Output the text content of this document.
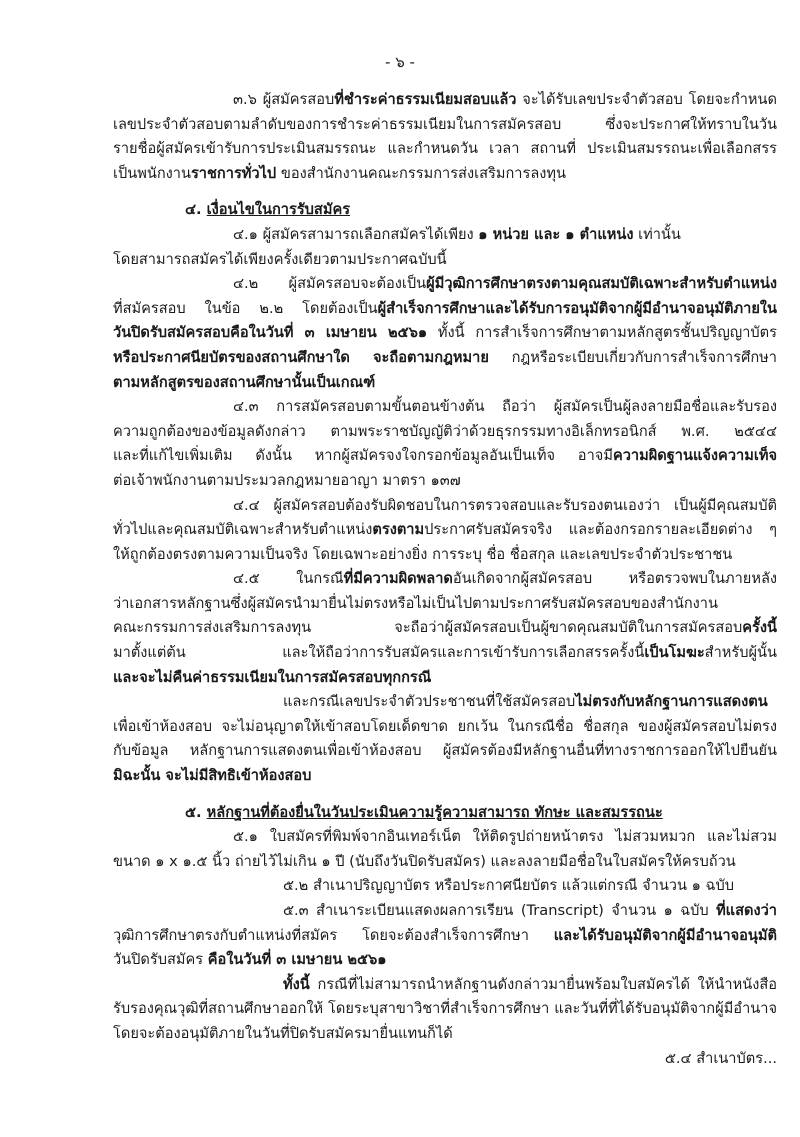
- ๖ -
๓.๖ ผู้สมัครสอบที่ชำระค่าธรรมเนียมสอบแล้ว จะได้รับเลขประจำตัวสอบ โดยจะกำหนด
เลขประจำตัวสอบตามลำดับของการชำระค่าธรรมเนียมในการสมัครสอบ ซึ่งจะประกาศให้ทราบในวัน
รายชื่อผู้สมัครเข้ารับการประเมินสมรรถนะ และกำหนดวัน เวลา สถานที่ ประเมินสมรรถนะเพื่อเลือกสรร
เป็นพนักงานราชการทั่วไป ของสำนักงานคณะกรรมการส่งเสริมการลงทุน
๔. เงื่อนไขในการรับสมัคร
๔.๑ ผู้สมัครสามารถเลือกสมัครได้เพียง ๑ หน่วย และ ๑ ตำแหน่ง เท่านั้น
โดยสามารถสมัครได้เพียงครั้งเดียวตามประกาศฉบับนี้
๔.๒ ผู้สมัครสอบจะต้องเป็นผู้มีวุฒิการศึกษาตรงตามคุณสมบัติเฉพาะสำหรับตำแหน่ง
ที่สมัครสอบ ในข้อ ๒.๒ โดยต้องเป็นผู้สำเร็จการศึกษาและได้รับการอนุมัติจากผู้มีอำนาจอนุมัติภายใน
วันปิดรับสมัครสอบคือในวันที่ ๓ เมษายน ๒๕๖๑ ทั้งนี้ การสำเร็จการศึกษาตามหลักสูตรชั้นปริญญาบัตร
หรือประกาศนียบัตรของสถานศึกษาใด จะถือตามกฎหมาย กฎหรือระเบียบเกี่ยวกับการสำเร็จการศึกษา
ตามหลักสูตรของสถานศึกษานั้นเป็นเกณฑ์
๔.๓ การสมัครสอบตามขั้นตอนข้างต้น ถือว่า ผู้สมัครเป็นผู้ลงลายมือชื่อและรับรอง
ความถูกต้องของข้อมูลดังกล่าว ตามพระราชบัญญัติว่าด้วยธุรกรรมทางอิเล็กทรอนิกส์ พ.ศ. ๒๕๔๔
และที่แก้ไขเพิ่มเติม ดังนั้น หากผู้สมัครจงใจกรอกข้อมูลอันเป็นเท็จ อาจมีความผิดฐานแจ้งความเท็จ
ต่อเจ้าพนักงานตามประมวลกฎหมายอาญา มาตรา ๑๓๗
๔.๔ ผู้สมัครสอบต้องรับผิดชอบในการตรวจสอบและรับรองตนเองว่า เป็นผู้มีคุณสมบัติ
ทั่วไปและคุณสมบัติเฉพาะสำหรับตำแหน่งตรงตามประกาศรับสมัครจริง และต้องกรอกรายละเอียดต่าง ๆ
ให้ถูกต้องตรงตามความเป็นจริง โดยเฉพาะอย่างยิ่ง การระบุ ชื่อ ชื่อสกุล และเลขประจำตัวประชาชน
๔.๕ ในกรณีที่มีความผิดพลาดอันเกิดจากผู้สมัครสอบ หรือตรวจพบในภายหลัง
ว่าเอกสารหลักฐานซึ่งผู้สมัครนำมายื่นไม่ตรงหรือไม่เป็นไปตามประกาศรับสมัครสอบของสำนักงาน
คณะกรรมการส่งเสริมการลงทุน จะถือว่าผู้สมัครสอบเป็นผู้ขาดคุณสมบัติในการสมัครสอบครั้งนี้
มาตั้งแต่ต้น และให้ถือว่าการรับสมัครและการเข้ารับการเลือกสรรครั้งนี้เป็นโมฆะสำหรับผู้นั้น
และจะไม่คืนค่าธรรมเนียมในการสมัครสอบทุกกรณี
และกรณีเลขประจำตัวประชาชนที่ใช้สมัครสอบไม่ตรงกับหลักฐานการแสดงตน
เพื่อเข้าห้องสอบ จะไม่อนุญาตให้เข้าสอบโดยเด็ดขาด ยกเว้น ในกรณีชื่อ ชื่อสกุล ของผู้สมัครสอบไม่ตรง
กับข้อมูล หลักฐานการแสดงตนเพื่อเข้าห้องสอบ ผู้สมัครต้องมีหลักฐานอื่นที่ทางราชการออกให้ไปยืนยัน
มิฉะนั้น จะไม่มีสิทธิเข้าห้องสอบ
๕. หลักฐานที่ต้องยื่นในวันประเมินความรู้ความสามารถ ทักษะ และสมรรถนะ
๕.๑ ใบสมัครที่พิมพ์จากอินเทอร์เน็ต ให้ติดรูปถ่ายหน้าตรง ไม่สวมหมวก และไม่สวม
ขนาด ๑ x ๑.๕ นิ้ว ถ่ายไว้ไม่เกิน ๑ ปี (นับถึงวันปิดรับสมัคร) และลงลายมือชื่อในใบสมัครให้ครบถ้วน
๕.๒ สำเนาปริญญาบัตร หรือประกาศนียบัตร แล้วแต่กรณี จำนวน ๑ ฉบับ
๕.๓ สำเนาระเบียนแสดงผลการเรียน (Transcript) จำนวน ๑ ฉบับ ที่แสดงว่า
วุฒิการศึกษาตรงกับตำแหน่งที่สมัคร โดยจะต้องสำเร็จการศึกษา และได้รับอนุมัติจากผู้มีอำนาจอนุมัติ
วันปิดรับสมัคร คือในวันที่ ๓ เมษายน ๒๕๖๑
ทั้งนี้ กรณีที่ไม่สามารถนำหลักฐานดังกล่าวมายื่นพร้อมใบสมัครได้ ให้นำหนังสือ
รับรองคุณวุฒิที่สถานศึกษาออกให้ โดยระบุสาขาวิชาที่สำเร็จการศึกษา และวันที่ที่ได้รับอนุมัติจากผู้มีอำนาจ
โดยจะต้องอนุมัติภายในวันที่ปิดรับสมัครมายื่นแทนก็ได้
๕.๔ สำเนาบัตร...
